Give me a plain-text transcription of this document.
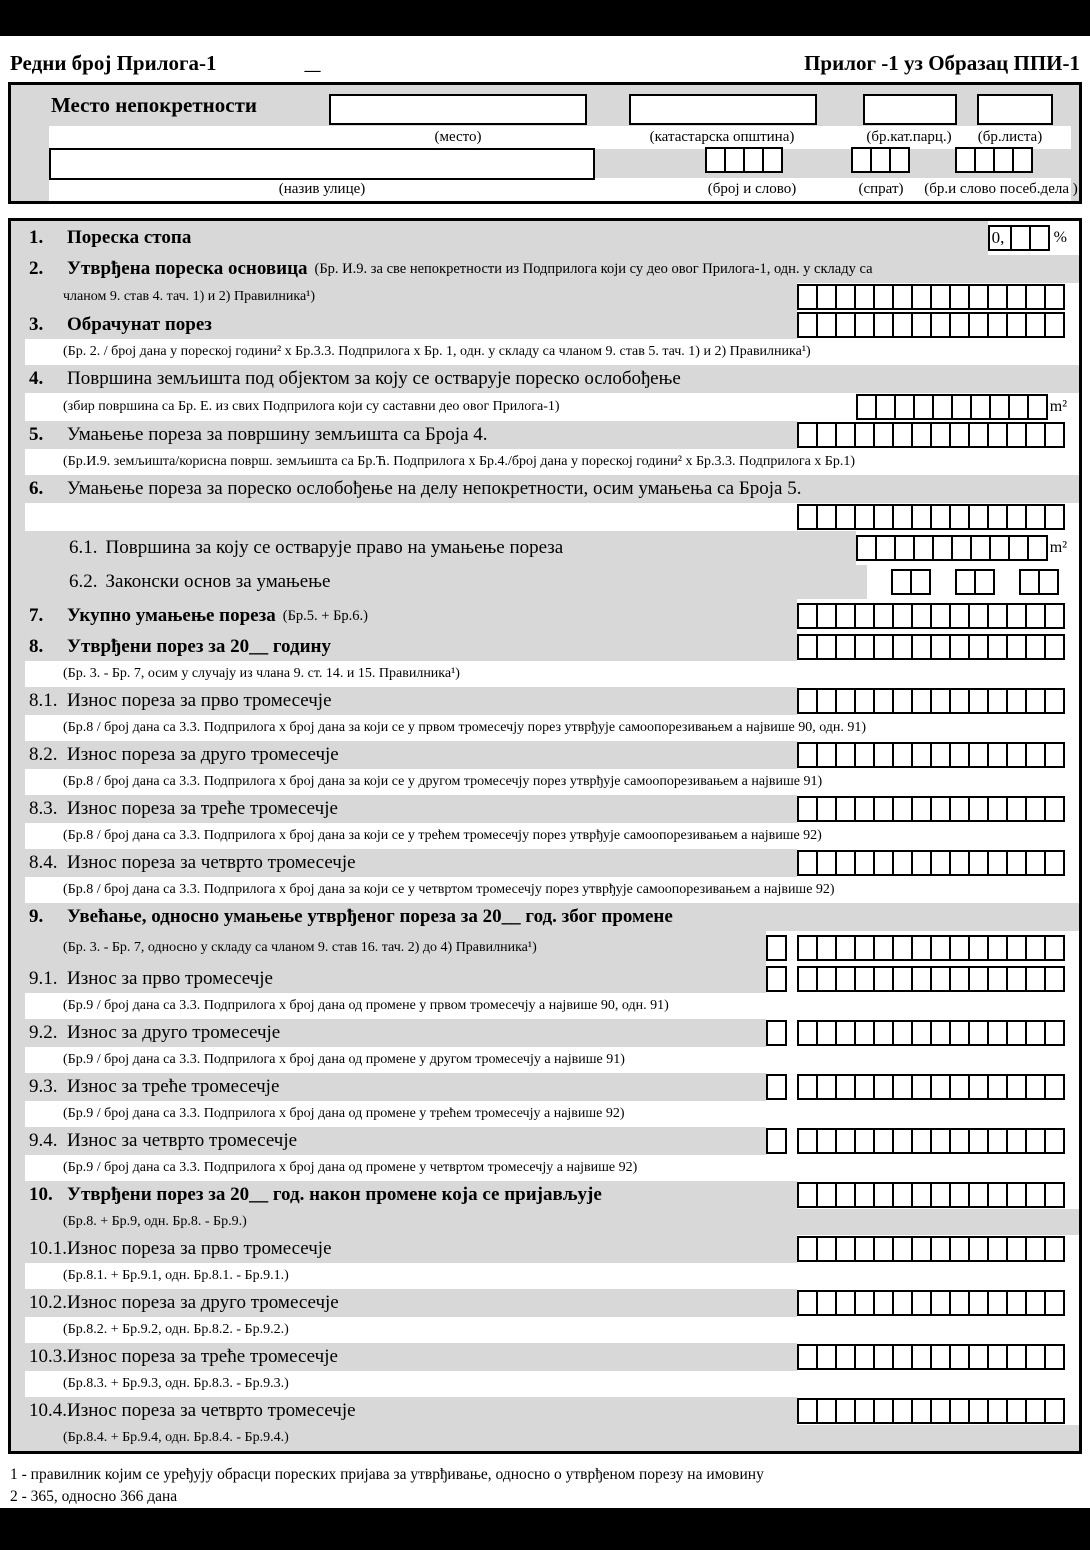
Редни број Прилога-1	__	Прилог -1 уз Образац ППИ-1
Место непокретности
(место)	(катастарска општина)	(бр.кат.парц.)	(бр.листа)
(назив улице)	(број и слово)	(спрат)	(бр.и слово посеб.дела )
1.	Пореска стопа	0,	%
2.	Утврђена пореска основица (Бр. И.9. за све непокретности из Подприлога који су део овог Прилога-1, одн. у складу са
чланом 9. став 4. тач. 1) и 2) Правилника¹)
3.	Обрачунат порез
(Бр. 2. / број дана у пореској години² х Бр.3.3. Подприлога х Бр. 1, одн. у складу са чланом 9. став 5. тач. 1) и 2) Правилника¹)
4.	Површина земљишта под објектом за коју се остварује пореско ослобођење
(збир површина са Бр. Е. из свих Подприлога који су саставни део овог Прилога-1)	m²
5.	Умањење пореза за површину земљишта са Броја 4.
(Бр.И.9. земљишта/корисна површ. земљишта са Бр.Ћ. Подприлога х Бр.4./број дана у пореској години² х Бр.3.3. Подприлога х Бр.1)
6.	Умањење пореза за пореско ослобођење на делу непокретности, осим умањења са Броја 5.
6.1. Површина за коју се остварује право на умањење пореза	m²
6.2. Законски основ за умањење
7.	Укупно умањење пореза (Бр.5. + Бр.6.)
8.	Утврђени порез за 20__ годину
(Бр. 3. - Бр. 7, осим у случају из члана 9. ст. 14. и 15. Правилника¹)
8.1. Износ пореза за прво тромесечје
(Бр.8 / број дана са 3.3. Подприлога х број дана за који се у првом тромесечју порез утврђује самоопорезивањем а највише 90, одн. 91)
8.2. Износ пореза за друго тромесечје
(Бр.8 / број дана са 3.3. Подприлога х број дана за који се у другом тромесечју порез утврђује самоопорезивањем а највише 91)
8.3. Износ пореза за треће тромесечје
(Бр.8 / број дана са 3.3. Подприлога х број дана за који се у трећем тромесечју порез утврђује самоопорезивањем а највише 92)
8.4. Износ пореза за четврто тромесечје
(Бр.8 / број дана са 3.3. Подприлога х број дана за који се у четвртом тромесечју порез утврђује самоопорезивањем а највише 92)
9.	Увећање, односно умањење утврђеног пореза за 20__ год. због промене
(Бр. 3. - Бр. 7, односно у складу са чланом 9. став 16. тач. 2) до 4) Правилника¹)
9.1. Износ за прво тромесечје
(Бр.9 / број дана са 3.3. Подприлога х број дана од промене у првом тромесечју а највише 90, одн. 91)
9.2. Износ за друго тромесечје
(Бр.9 / број дана са 3.3. Подприлога х број дана од промене у другом тромесечју а највише 91)
9.3. Износ за треће тромесечје
(Бр.9 / број дана са 3.3. Подприлога х број дана од промене у трећем тромесечју а највише 92)
9.4. Износ за четврто тромесечје
(Бр.9 / број дана са 3.3. Подприлога х број дана од промене у четвртом тромесечју а највише 92)
10. Утврђени порез за 20__ год. након промене која се пријављује
(Бр.8. + Бр.9, одн. Бр.8. - Бр.9.)
10.1. Износ пореза за прво тромесечје
(Бр.8.1. + Бр.9.1, одн. Бр.8.1. - Бр.9.1.)
10.2. Износ пореза за друго тромесечје
(Бр.8.2. + Бр.9.2, одн. Бр.8.2. - Бр.9.2.)
10.3. Износ пореза за треће тромесечје
(Бр.8.3. + Бр.9.3, одн. Бр.8.3. - Бр.9.3.)
10.4. Износ пореза за четврто тромесечје
(Бр.8.4. + Бр.9.4, одн. Бр.8.4. - Бр.9.4.)
1 - правилник којим се уређују обрасци пореских пријава за утврђивање, односно о утврђеном порезу на имовину
2 - 365, односно 366 дана
